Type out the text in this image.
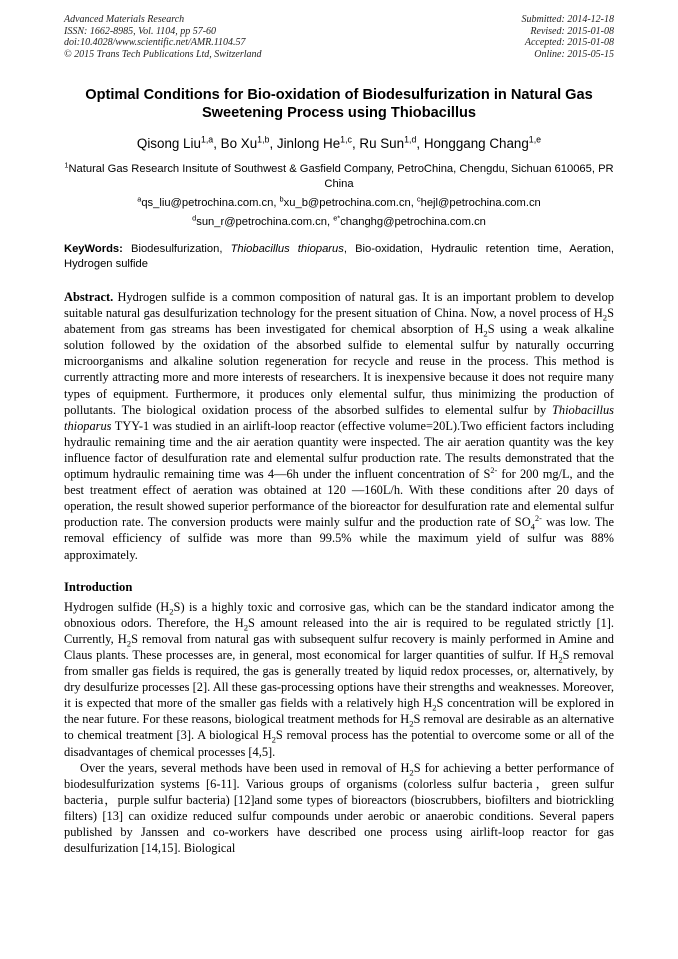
Advanced Materials Research
ISSN: 1662-8985, Vol. 1104, pp 57-60
doi:10.4028/www.scientific.net/AMR.1104.57
© 2015 Trans Tech Publications Ltd, Switzerland
Submitted: 2014-12-18
Revised: 2015-01-08
Accepted: 2015-01-08
Online: 2015-05-15
Optimal Conditions for Bio-oxidation of Biodesulfurization in Natural Gas Sweetening Process using Thiobacillus
Qisong Liu$^{1,a}$, Bo Xu$^{1,b}$, Jinlong He$^{1,c}$, Ru Sun$^{1,d}$, Honggang Chang$^{1,e}$

$^1$Natural Gas Research Insitute of Southwest & Gasfield Company, PetroChina, Chengdu, Sichuan 610065, PR China

$^a$qs_liu@petrochina.com.cn, $^b$xu_b@petrochina.com.cn, $^c$hejl@petrochina.com.cn

$^d$sun_r@petrochina.com.cn, $^{e*}$changhg@petrochina.com.cn

KeyWords: Biodesulfurization, Thiobacillus thioparus, Bio-oxidation, Hydraulic retention time, Aeration, Hydrogen sulfide

Abstract. Hydrogen sulfide is a common composition of natural gas. It is an important problem to develop suitable natural gas desulfurization technology for the present situation of China. Now, a novel process of $H_2S$ abatement from gas streams has been investigated for chemical absorption of $H_2S$ using a weak alkaline solution followed by the oxidation of the absorbed sulfide to elemental sulfur by naturally occurring microorganisms and alkaline solution regeneration for recycle and reuse in the process. This method is currently attracting more and more interests of researchers. It is inexpensive because it does not require many types of equipment. Furthermore, it produces only elemental sulfur, thus minimizing the production of pollutants. The biological oxidation process of the absorbed sulfides to elemental sulfur by Thiobacillus thioparus TYY-1 was studied in an airlift-loop reactor (effective volume=20L).Two efficient factors including hydraulic remaining time and the air aeration quantity were inspected. The air aeration quantity was the key influence factor of desulfuration rate and elemental sulfur production rate. The results demonstrated that the optimum hydraulic remaining time was 4—6h under the influent concentration of $S^{2-}$ for 200 mg/L, and the best treatment effect of aeration was obtained at 120 —160L/h. With these conditions after 20 days of operation, the result showed superior performance of the bioreactor for desulfuration rate and elemental sulfur production rate. The conversion products were mainly sulfur and the production rate of $SO_4^{2-}$ was low. The removal efficiency of sulfide was more than 99.5% while the maximum yield of sulfur was 88% approximately.

Introduction

Hydrogen sulfide $(H_2S)$ is a highly toxic and corrosive gas, which can be the standard indicator among the obnoxious odors. Therefore, the $H_2S$ amount released into the air is required to be regulated strictly [1]. Currently, $H_2S$ removal from natural gas with subsequent sulfur recovery is mainly performed in Amine and Claus plants. These processes are, in general, most economical for larger quantities of sulfur. If $H_2S$ removal from smaller gas fields is required, the gas is generally treated by liquid redox processes, or, alternatively, by dry desulfurize processes [2]. All these gas-processing options have their strengths and weaknesses. Moreover, it is expected that more of the smaller gas fields with a relatively high $H_2S$ concentration will be explored in the near future. For these reasons, biological treatment methods for $H_2S$ removal are desirable as an alternative to chemical treatment [3]. A biological $H_2S$ removal process has the potential to overcome some or all of the disadvantages of chemical processes [4,5].

Over the years, several methods have been used in removal of $H_2S$ for achieving a better performance of biodesulfurization systems [6-11]. Various groups of organisms (colorless sulfur bacteria，green sulfur bacteria，purple sulfur bacteria) [12]and some types of bioreactors (bioscrubbers, biofilters and biotrickling filters) [13] can oxidize reduced sulfur compounds under aerobic or anaerobic conditions. Several papers published by Janssen and co-workers have described one process using airlift-loop reactor for gas desulfurization [14,15]. Biological
